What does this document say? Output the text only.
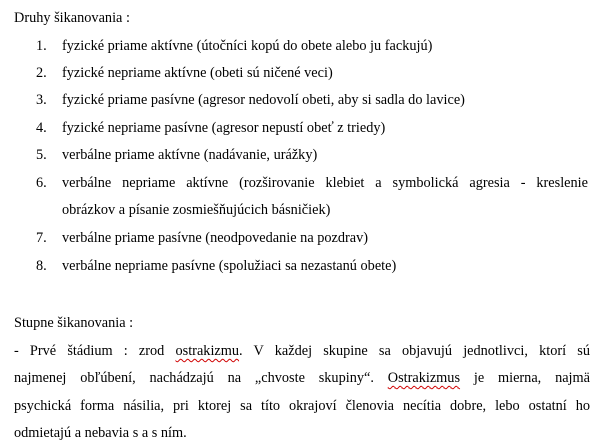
Druhy šikanovania :
1.	fyzické priame aktívne (útočníci kopú do obete alebo ju fackujú)
2.	fyzické nepriame aktívne (obeti sú ničené veci)
3.	fyzické priame pasívne (agresor nedovolí obeti, aby si sadla do lavice)
4.	fyzické nepriame pasívne (agresor nepustí obeť z triedy)
5.	verbálne priame aktívne (nadávanie, urážky)
6.	verbálne nepriame aktívne (rozširovanie klebiet a symbolická agresia - kreslenie
obrázkov a písanie zosmiešňujúcich básničiek)
7.	verbálne priame pasívne (neodpovedanie na pozdrav)
8.	verbálne nepriame pasívne (spolužiaci sa nezastanú obete)
Stupne šikanovania :
- Prvé štádium : zrod ostrakizmu. V každej skupine sa objavujú jednotlivci, ktorí sú
najmenej obľúbení, nachádzajú na „chvoste skupiny“. Ostrakizmus je mierna, najmä
psychická forma násilia, pri ktorej sa títo okrajoví členovia necítia dobre, lebo ostatní ho
odmietajú a nebavia s a s ním.
